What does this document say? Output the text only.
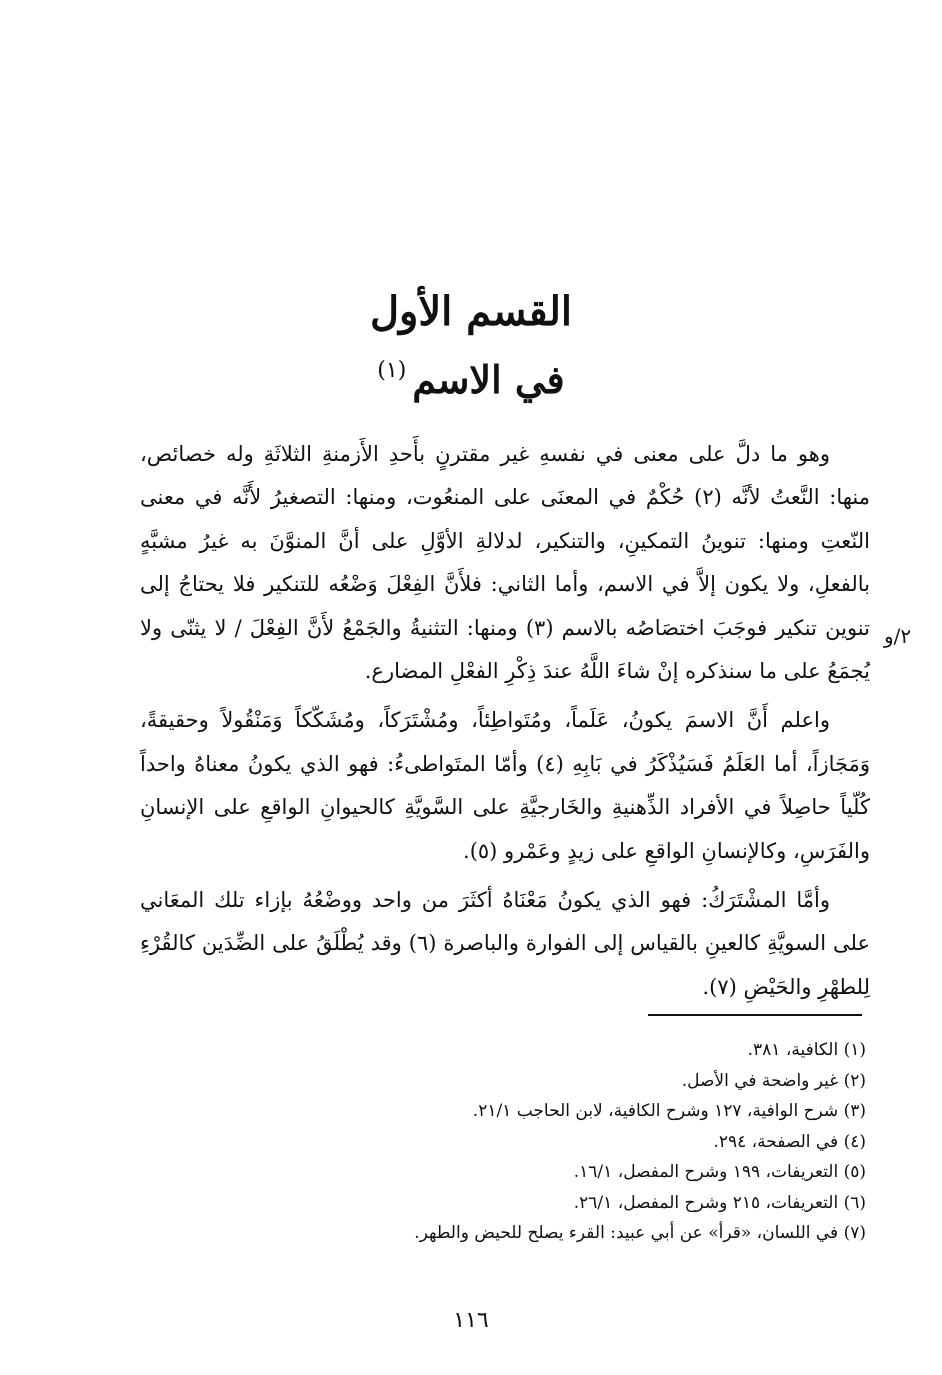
القسم الأول
في الاسم$^{(١)}$
٢/و

وهو ما دلَّ على معنى في نفسهِ غير مقترنٍ بأَحدِ الأَزمنةِ الثلاثَةِ وله خصائص، منها: النَّعتُ لأنَّه (٢) حُكْمٌ في المعنَى على المنعُوت، ومنها: التصغيرُ لأَنَّه في معنى النّعتِ ومنها: تنوينُ التمكينِ، والتنكير، لدلالةِ الأوَّلِ على أنَّ المنوَّنَ به غيرُ مشبَّهٍ بالفعلِ، ولا يكون إلاَّ في الاسم، وأما الثاني: فلأَنَّ الفِعْلَ وَضْعُه للتنكير فلا يحتاجُ إلى تنوين تنكير فوجَبَ اختصَاصُه بالاسم (٣) ومنها: التثنيةُ والجَمْعُ لأَنَّ الفِعْلَ / لا يثنّى ولا يُجمَعُ على ما سنذكره إنْ شاءَ اللَّهُ عندَ ذِكْرِ الفعْلِ المضارع.

واعلم أَنَّ الاسمَ يكونُ، عَلَماً، ومُتَواطِئاً، ومُشْتَرَكاً، ومُشَكّكاً وَمَنْقُولاً وحقيقةً، وَمَجَازاً، أما العَلَمُ فَسَيُذْكَرُ في بَابِهِ (٤) وأمّا المتَواطىءُ: فهو الذي يكونُ معناهُ واحداً كُلّياً حاصِلاً في الأفراد الذِّهنيةِ والخَارجيَّةِ على السَّويَّةِ كالحيوانِ الواقعِ على الإنسانِ والفَرَسِ، وكالإنسانِ الواقعِ على زيدٍ وعَمْرو (٥).

وأمَّا المشْتَرَكُ: فهو الذي يكونُ مَعْنَاهُ أكثَرَ من واحد ووضْعُهُ بإزاء تلك المعَاني على السويَّةِ كالعينِ بالقياس إلى الفوارة والباصرة (٦) وقد يُطْلَقُ على الضِّدَين كالقُرْءِ لِلطهْرِ والحَيْضِ (٧).

(١) الكافية، ٣٨١.

(٢) غير واضحة في الأصل.

(٣) شرح الوافية، ١٢٧ وشرح الكافية، لابن الحاجب ٢١/١.

(٤) في الصفحة، ٢٩٤.

(٥) التعريفات، ١٩٩ وشرح المفصل، ١٦/١.

(٦) التعريفات، ٢١٥ وشرح المفصل، ٢٦/١.

(٧) في اللسان، «قرأ» عن أبي عبيد: القرء يصلح للحيض والطهر.

١١٦
